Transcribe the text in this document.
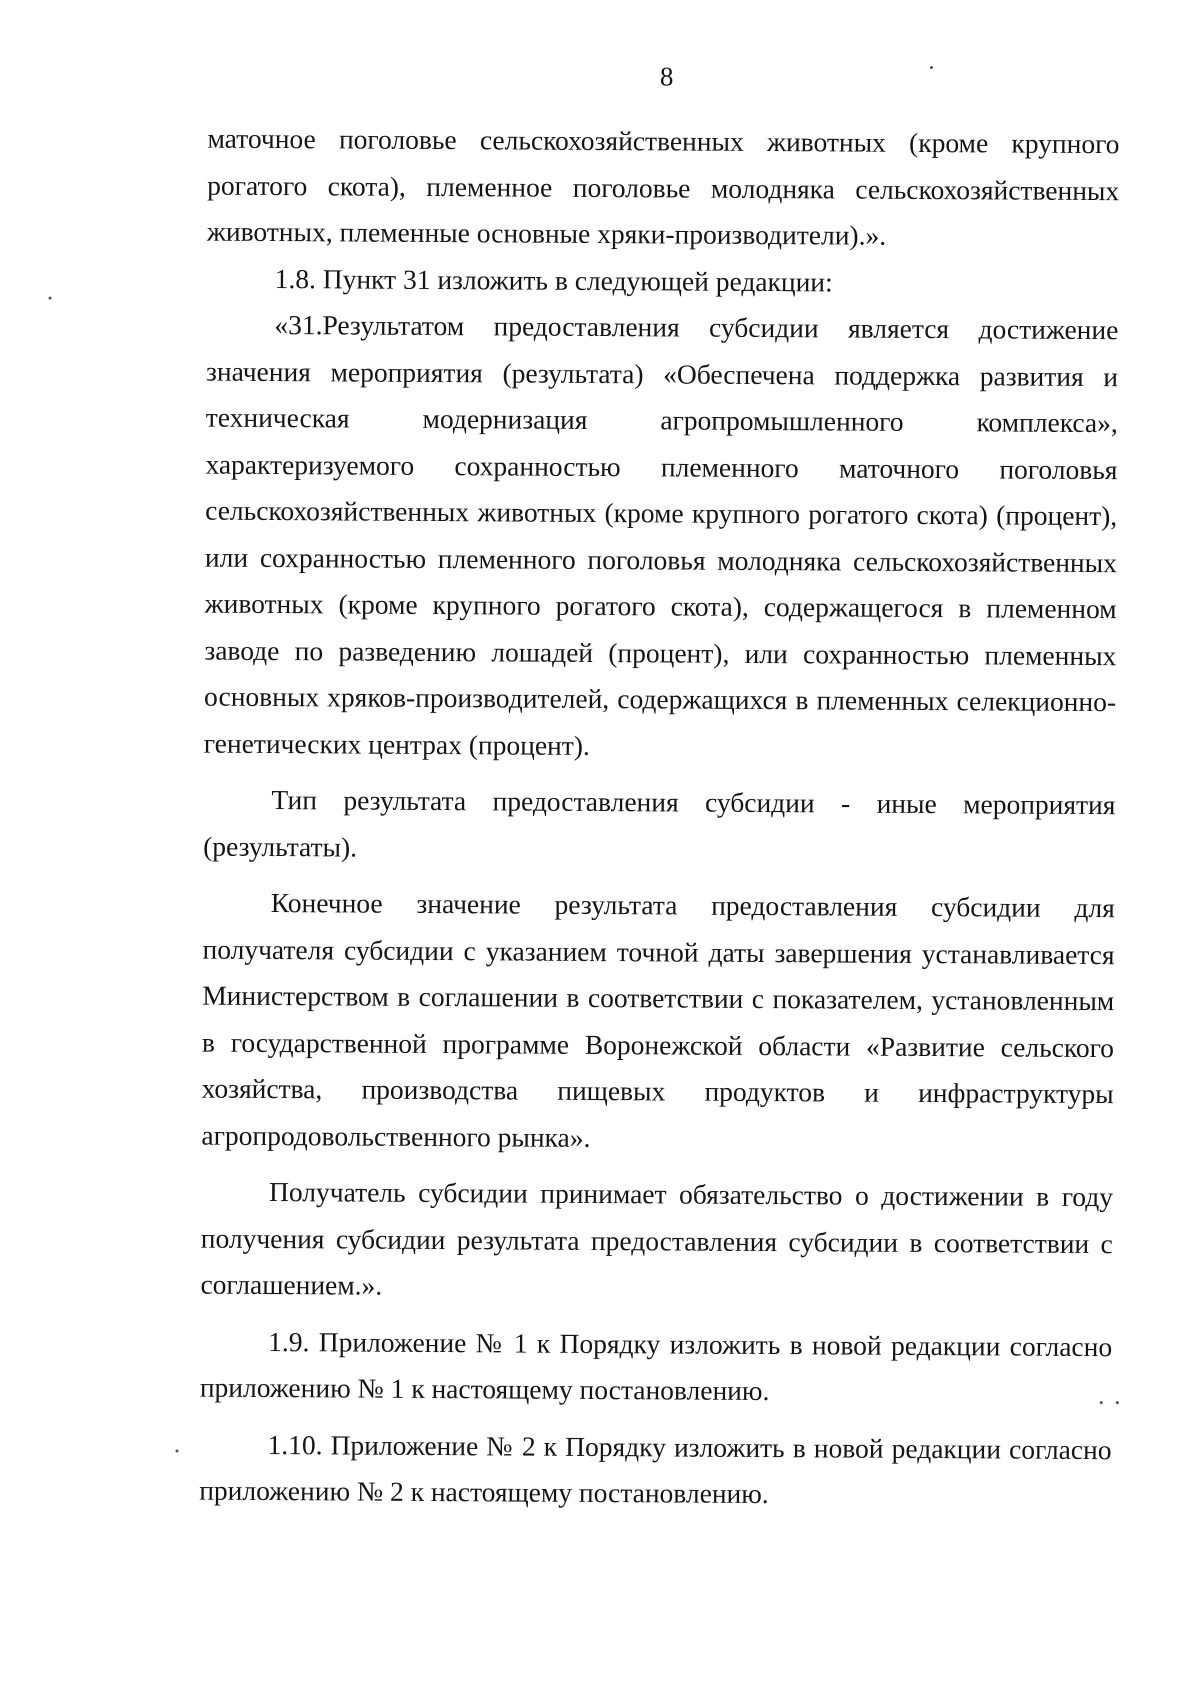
8

маточное поголовье сельскохозяйственных животных (кроме крупного рогатого скота), племенное поголовье молодняка сельскохозяйственных животных, племенные основные хряки-производители).».

1.8. Пункт 31 изложить в следующей редакции:

«31.Результатом предоставления субсидии является достижение значения мероприятия (результата) «Обеспечена поддержка развития и техническая модернизация агропромышленного комплекса», характеризуемого сохранностью племенного маточного поголовья сельскохозяйственных животных (кроме крупного рогатого скота) (процент), или сохранностью племенного поголовья молодняка сельскохозяйственных животных (кроме крупного рогатого скота), содержащегося в племенном заводе по разведению лошадей (процент), или сохранностью племенных основных хряков-производителей, содержащихся в племенных селекционно-генетических центрах (процент).

Тип результата предоставления субсидии - иные мероприятия (результаты).

Конечное значение результата предоставления субсидии для получателя субсидии с указанием точной даты завершения устанавливается Министерством в соглашении в соответствии с показателем, установленным в государственной программе Воронежской области «Развитие сельского хозяйства, производства пищевых продуктов и инфраструктуры агропродовольственного рынка».

Получатель субсидии принимает обязательство о достижении в году получения субсидии результата предоставления субсидии в соответствии с соглашением.».

1.9. Приложение № 1 к Порядку изложить в новой редакции согласно приложению № 1 к настоящему постановлению.

1.10. Приложение № 2 к Порядку изложить в новой редакции согласно приложению № 2 к настоящему постановлению.
